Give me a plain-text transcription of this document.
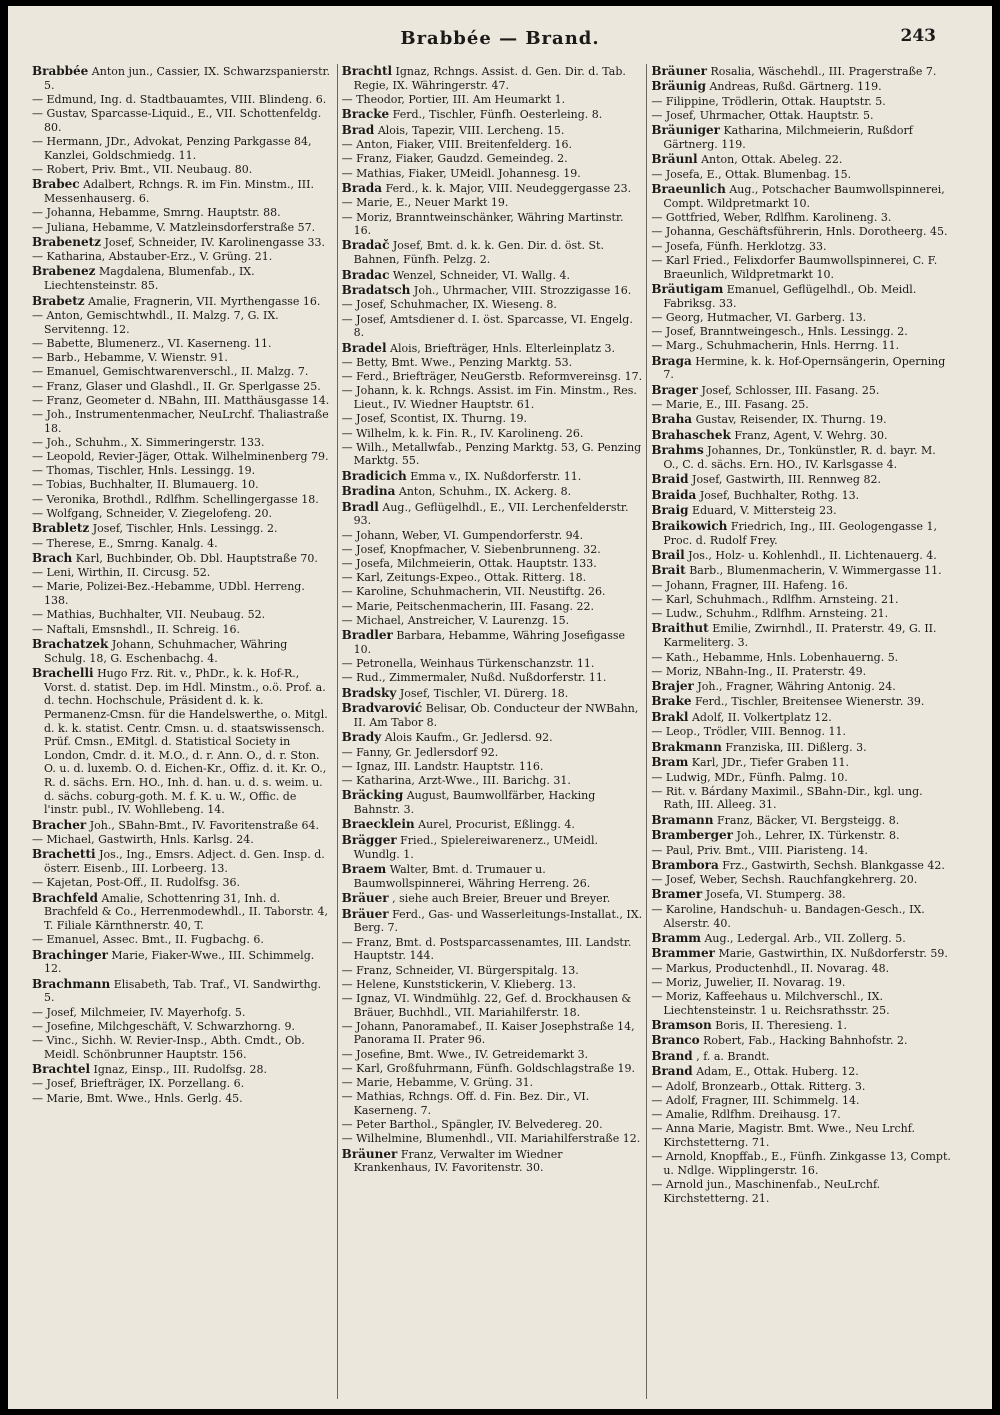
Brabbée — Brand.	243
Brabbée Anton jun., Cassier, IX. Schwarzspanierstr. 5.
— Edmund, Ing. d. Stadtbauamtes, VIII. Blindeng. 6.
— Gustav, Sparcasse-Liquid., E., VII. Schottenfeldg. 80.
— Hermann, JDr., Advokat, Penzing Parkgasse 84, Kanzlei, Goldschmiedg. 11.
— Robert, Priv. Bmt., VII. Neubaug. 80.
Brabec Adalbert, Rchngs. R. im Fin. Minstm., III. Messenhauserg. 6.
— Johanna, Hebamme, Smrng. Hauptstr. 88.
— Juliana, Hebamme, V. Matzleinsdorferstraße 57.
Brabenetz Josef, Schneider, IV. Karolinengasse 33.
— Katharina, Abstauber-Erz., V. Grüng. 21.
Brabenez Magdalena, Blumenfab., IX. Liechtensteinstr. 85.
Brabetz Amalie, Fragnerin, VII. Myrthengasse 16.
— Anton, Gemischtwhdl., II. Malzg. 7, G. IX. Servitenng. 12.
— Babette, Blumenerz., VI. Kaserneng. 11.
— Barb., Hebamme, V. Wienstr. 91.
— Emanuel, Gemischtwarenverschl., II. Malzg. 7.
— Franz, Glaser und Glashdl., II. Gr. Sperlgasse 25.
— Franz, Geometer d. NBahn, III. Matthäusgasse 14.
— Joh., Instrumentenmacher, NeuLrchf. Thaliastraße 18.
— Joh., Schuhm., X. Simmeringerstr. 133.
— Leopold, Revier-Jäger, Ottak. Wilhelminenberg 79.
— Thomas, Tischler, Hnls. Lessingg. 19.
— Tobias, Buchhalter, II. Blumauerg. 10.
— Veronika, Brothdl., Rdlfhm. Schellingergasse 18.
— Wolfgang, Schneider, V. Ziegelofeng. 20.
Brabletz Josef, Tischler, Hnls. Lessingg. 2.
— Therese, E., Smrng. Kanalg. 4.
Brach Karl, Buchbinder, Ob. Dbl. Hauptstraße 70.
— Leni, Wirthin, II. Circusg. 52.
— Marie, Polizei-Bez.-Hebamme, UDbl. Herreng. 138.
— Mathias, Buchhalter, VII. Neubaug. 52.
— Naftali, Emsnshdl., II. Schreig. 16.
Brachatzek Johann, Schuhmacher, Währing Schulg. 18, G. Eschenbachg. 4.
Brachelli Hugo Frz. Rit. v., PhDr., k. k. Hof-R., Vorst. d. statist. Dep. im Hdl. Minstm., o.ö. Prof. a. d. techn. Hochschule, Präsident d. k. k. Permanenz-Cmsn. für die Handelswerthe, o. Mitgl. d. k. k. statist. Centr. Cmsn. u. d. staatswissensch. Prüf. Cmsn., EMitgl. d. Statistical Society in London, Cmdr. d. it. M.O., d. r. Ann. O., d. r. Ston. O. u. d. luxemb. O. d. Eichen-Kr., Offiz. d. it. Kr. O., R. d. sächs. Ern. HO., Inh. d. han. u. d. s. weim. u. d. sächs. coburg-goth. M. f. K. u. W., Offic. de l'instr. publ., IV. Wohllebeng. 14.
Bracher Joh., SBahn-Bmt., IV. Favoritenstraße 64.
— Michael, Gastwirth, Hnls. Karlsg. 24.
Brachetti Jos., Ing., Emsrs. Adject. d. Gen. Insp. d. österr. Eisenb., III. Lorbeerg. 13.
— Kajetan, Post-Off., II. Rudolfsg. 36.
Brachfeld Amalie, Schottenring 31, Inh. d. Brachfeld & Co., Herrenmodewhdl., II. Taborstr. 4, T. Filiale Kärnthnerstr. 40, T.
— Emanuel, Assec. Bmt., II. Fugbachg. 6.
Brachinger Marie, Fiaker-Wwe., III. Schimmelg. 12.
Brachmann Elisabeth, Tab. Traf., VI. Sandwirthg. 5.
— Josef, Milchmeier, IV. Mayerhofg. 5.
— Josefine, Milchgeschäft, V. Schwarzhorng. 9.
— Vinc., Sichh. W. Revier-Insp., Abth. Cmdt., Ob. Meidl. Schönbrunner Hauptstr. 156.
Brachtel Ignaz, Einsp., III. Rudolfsg. 28.
— Josef, Briefträger, IX. Porzellang. 6.
— Marie, Bmt. Wwe., Hnls. Gerlg. 45.
Brachtl Ignaz, Rchngs. Assist. d. Gen. Dir. d. Tab. Regie, IX. Währingerstr. 47.
— Theodor, Portier, III. Am Heumarkt 1.
Bracke Ferd., Tischler, Fünfh. Oesterleing. 8.
Brad Alois, Tapezir, VIII. Lercheng. 15.
— Anton, Fiaker, VIII. Breitenfelderg. 16.
— Franz, Fiaker, Gaudzd. Gemeindeg. 2.
— Mathias, Fiaker, UMeidl. Johannesg. 19.
Brada Ferd., k. k. Major, VIII. Neudeggergasse 23.
— Marie, E., Neuer Markt 19.
— Moriz, Branntweinschänker, Währing Martinstr. 16.
Bradač Josef, Bmt. d. k. k. Gen. Dir. d. öst. St. Bahnen, Fünfh. Pelzg. 2.
Bradac Wenzel, Schneider, VI. Wallg. 4.
Bradatsch Joh., Uhrmacher, VIII. Strozzigasse 16.
— Josef, Schuhmacher, IX. Wieseng. 8.
— Josef, Amtsdiener d. I. öst. Sparcasse, VI. Engelg. 8.
Bradel Alois, Briefträger, Hnls. Elterleinplatz 3.
— Betty, Bmt. Wwe., Penzing Marktg. 53.
— Ferd., Briefträger, NeuGerstb. Reformvereinsg. 17.
— Johann, k. k. Rchngs. Assist. im Fin. Minstm., Res. Lieut., IV. Wiedner Hauptstr. 61.
— Josef, Scontist, IX. Thurng. 19.
— Wilhelm, k. k. Fin. R., IV. Karolineng. 26.
— Wilh., Metallwfab., Penzing Marktg. 53, G. Penzing Marktg. 55.
Bradicich Emma v., IX. Nußdorferstr. 11.
Bradina Anton, Schuhm., IX. Ackerg. 8.
Bradl Aug., Geflügelhdl., E., VII. Lerchenfelderstr. 93.
— Johann, Weber, VI. Gumpendorferstr. 94.
— Josef, Knopfmacher, V. Siebenbrunneng. 32.
— Josefa, Milchmeierin, Ottak. Hauptstr. 133.
— Karl, Zeitungs-Expeo., Ottak. Ritterg. 18.
— Karoline, Schuhmacherin, VII. Neustiftg. 26.
— Marie, Peitschenmacherin, III. Fasang. 22.
— Michael, Anstreicher, V. Laurenzg. 15.
Bradler Barbara, Hebamme, Währing Josefigasse 10.
— Petronella, Weinhaus Türkenschanzstr. 11.
— Rud., Zimmermaler, Nußd. Nußdorferstr. 11.
Bradsky Josef, Tischler, VI. Dürerg. 18.
Bradvarović Belisar, Ob. Conducteur der NWBahn, II. Am Tabor 8.
Brady Alois Kaufm., Gr. Jedlersd. 92.
— Fanny, Gr. Jedlersdorf 92.
— Ignaz, III. Landstr. Hauptstr. 116.
— Katharina, Arzt-Wwe., III. Barichg. 31.
Bräcking August, Baumwollfärber, Hacking Bahnstr. 3.
Braecklein Aurel, Procurist, Eßlingg. 4.
Brägger Fried., Spielereiwarenerz., UMeidl. Wundlg. 1.
Braem Walter, Bmt. d. Trumauer u. Baumwollspinnerei, Währing Herreng. 26.
Bräuer , siehe auch Breier, Breuer und Breyer.
Bräuer Ferd., Gas- und Wasserleitungs-Installat., IX. Berg. 7.
— Franz, Bmt. d. Postsparcassenamtes, III. Landstr. Hauptstr. 144.
— Franz, Schneider, VI. Bürgerspitalg. 13.
— Helene, Kunststickerin, V. Klieberg. 13.
— Ignaz, VI. Windmühlg. 22, Gef. d. Brockhausen & Bräuer, Buchhdl., VII. Mariahilferstr. 18.
— Johann, Panoramabef., II. Kaiser Josephstraße 14, Panorama II. Prater 96.
— Josefine, Bmt. Wwe., IV. Getreidemarkt 3.
— Karl, Großfuhrmann, Fünfh. Goldschlagstraße 19.
— Marie, Hebamme, V. Grüng. 31.
— Mathias, Rchngs. Off. d. Fin. Bez. Dir., VI. Kaserneng. 7.
— Peter Barthol., Spängler, IV. Belvedereg. 20.
— Wilhelmine, Blumenhdl., VII. Mariahilferstraße 12.
Bräuner Franz, Verwalter im Wiedner Krankenhaus, IV. Favoritenstr. 30.
Bräuner Rosalia, Wäschehdl., III. Pragerstraße 7.
Bräunig Andreas, Rußd. Gärtnerg. 119.
— Filippine, Trödlerin, Ottak. Hauptstr. 5.
— Josef, Uhrmacher, Ottak. Hauptstr. 5.
Bräuniger Katharina, Milchmeierin, Rußdorf Gärtnerg. 119.
Bräunl Anton, Ottak. Abeleg. 22.
— Josefa, E., Ottak. Blumenbag. 15.
Braeunlich Aug., Potschacher Baumwollspinnerei, Compt. Wildpretmarkt 10.
— Gottfried, Weber, Rdlfhm. Karolineng. 3.
— Johanna, Geschäftsführerin, Hnls. Dorotheerg. 45.
— Josefa, Fünfh. Herklotzg. 33.
— Karl Fried., Felixdorfer Baumwollspinnerei, C. F. Braeunlich, Wildpretmarkt 10.
Bräutigam Emanuel, Geflügelhdl., Ob. Meidl. Fabriksg. 33.
— Georg, Hutmacher, VI. Garberg. 13.
— Josef, Branntweingesch., Hnls. Lessingg. 2.
— Marg., Schuhmacherin, Hnls. Herrng. 11.
Braga Hermine, k. k. Hof-Opernsängerin, Operning 7.
Brager Josef, Schlosser, III. Fasang. 25.
— Marie, E., III. Fasang. 25.
Braha Gustav, Reisender, IX. Thurng. 19.
Brahaschek Franz, Agent, V. Wehrg. 30.
Brahms Johannes, Dr., Tonkünstler, R. d. bayr. M. O., C. d. sächs. Ern. HO., IV. Karlsgasse 4.
Braid Josef, Gastwirth, III. Rennweg 82.
Braida Josef, Buchhalter, Rothg. 13.
Braig Eduard, V. Mittersteig 23.
Braikowich Friedrich, Ing., III. Geologengasse 1, Proc. d. Rudolf Frey.
Brail Jos., Holz- u. Kohlenhdl., II. Lichtenauerg. 4.
Brait Barb., Blumenmacherin, V. Wimmergasse 11.
— Johann, Fragner, III. Hafeng. 16.
— Karl, Schuhmach., Rdlfhm. Arnsteing. 21.
— Ludw., Schuhm., Rdlfhm. Arnsteing. 21.
Braithut Emilie, Zwirnhdl., II. Praterstr. 49, G. II. Karmeliterg. 3.
— Kath., Hebamme, Hnls. Lobenhauerng. 5.
— Moriz, NBahn-Ing., II. Praterstr. 49.
Brajer Joh., Fragner, Währing Antonig. 24.
Brake Ferd., Tischler, Breitensee Wienerstr. 39.
Brakl Adolf, II. Volkertplatz 12.
— Leop., Trödler, VIII. Bennog. 11.
Brakmann Franziska, III. Dißlerg. 3.
Bram Karl, JDr., Tiefer Graben 11.
— Ludwig, MDr., Fünfh. Palmg. 10.
— Rit. v. Bárdany Maximil., SBahn-Dir., kgl. ung. Rath, III. Alleeg. 31.
Bramann Franz, Bäcker, VI. Bergsteigg. 8.
Bramberger Joh., Lehrer, IX. Türkenstr. 8.
— Paul, Priv. Bmt., VIII. Piaristeng. 14.
Brambora Frz., Gastwirth, Sechsh. Blankgasse 42.
— Josef, Weber, Sechsh. Rauchfangkehrerg. 20.
Bramer Josefa, VI. Stumperg. 38.
— Karoline, Handschuh- u. Bandagen-Gesch., IX. Alserstr. 40.
Bramm Aug., Ledergal. Arb., VII. Zollerg. 5.
Brammer Marie, Gastwirthin, IX. Nußdorferstr. 59.
— Markus, Productenhdl., II. Novarag. 48.
— Moriz, Juwelier, II. Novarag. 19.
— Moriz, Kaffeehaus u. Milchverschl., IX. Liechtensteinstr. 1 u. Reichsrathsstr. 25.
Bramson Boris, II. Theresieng. 1.
Branco Robert, Fab., Hacking Bahnhofstr. 2.
Brand , f. a. Brandt.
Brand Adam, E., Ottak. Huberg. 12.
— Adolf, Bronzearb., Ottak. Ritterg. 3.
— Adolf, Fragner, III. Schimmelg. 14.
— Amalie, Rdlfhm. Dreihausg. 17.
— Anna Marie, Magistr. Bmt. Wwe., Neu Lrchf. Kirchstetterng. 71.
— Arnold, Knopffab., E., Fünfh. Zinkgasse 13, Compt. u. Ndlge. Wipplingerstr. 16.
— Arnold jun., Maschinenfab., NeuLrchf. Kirchstetterng. 21.
